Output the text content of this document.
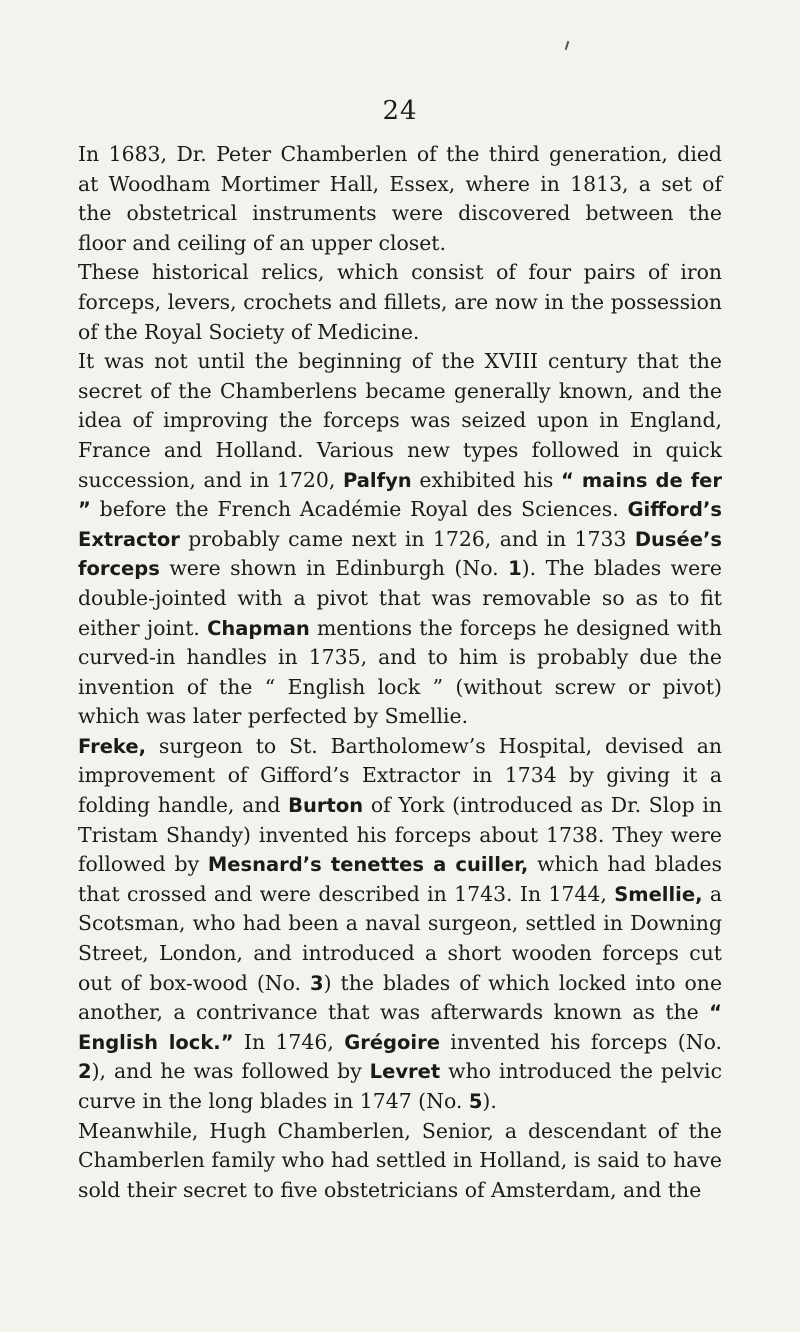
24

In 1683, Dr. Peter Chamberlen of the third generation, died at Woodham Mortimer Hall, Essex, where in 1813, a set of the obstetrical instruments were discovered between the floor and ceiling of an upper closet.

These historical relics, which consist of four pairs of iron forceps, levers, crochets and fillets, are now in the possession of the Royal Society of Medicine.

It was not until the beginning of the XVIII century that the secret of the Chamberlens became generally known, and the idea of improving the forceps was seized upon in England, France and Holland. Various new types followed in quick succession, and in 1720, Palfyn exhibited his “ mains de fer ” before the French Académie Royal des Sciences. Gifford’s Extractor probably came next in 1726, and in 1733 Dusée’s forceps were shown in Edinburgh (No. 1). The blades were double-jointed with a pivot that was removable so as to fit either joint. Chapman mentions the forceps he designed with curved-in handles in 1735, and to him is probably due the invention of the “ English lock ” (without screw or pivot) which was later perfected by Smellie.

Freke, surgeon to St. Bartholomew’s Hospital, devised an improvement of Gifford’s Extractor in 1734 by giving it a folding handle, and Burton of York (introduced as Dr. Slop in Tristam Shandy) invented his forceps about 1738. They were followed by Mesnard’s tenettes a cuiller, which had blades that crossed and were described in 1743. In 1744, Smellie, a Scotsman, who had been a naval surgeon, settled in Downing Street, London, and introduced a short wooden forceps cut out of box-wood (No. 3) the blades of which locked into one another, a contrivance that was afterwards known as the “ English lock.” In 1746, Grégoire invented his forceps (No. 2), and he was followed by Levret who introduced the pelvic curve in the long blades in 1747 (No. 5).

Meanwhile, Hugh Chamberlen, Senior, a descendant of the Chamberlen family who had settled in Holland, is said to have sold their secret to five obstetricians of Amsterdam, and the
